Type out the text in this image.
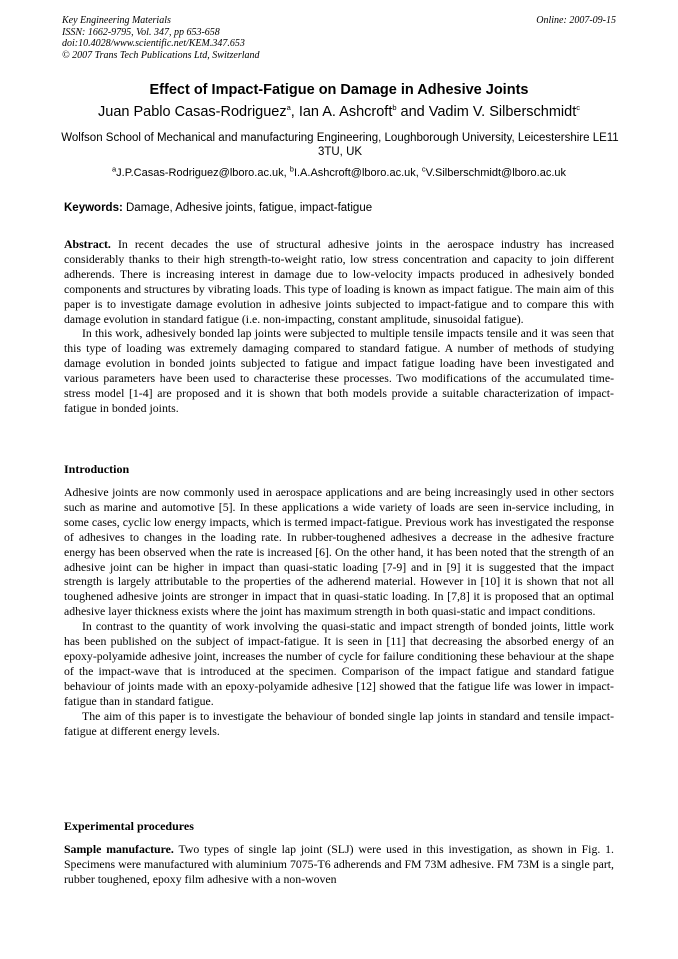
Key Engineering Materials
ISSN: 1662-9795, Vol. 347, pp 653-658
doi:10.4028/www.scientific.net/KEM.347.653
© 2007 Trans Tech Publications Ltd, Switzerland
Online: 2007-09-15
Effect of Impact-Fatigue on Damage in Adhesive Joints
Juan Pablo Casas-Rodriguez$^a$, Ian A. Ashcroft$^b$ and Vadim V. Silberschmidt$^c$
Wolfson School of Mechanical and manufacturing Engineering, Loughborough University, Leicestershire LE11 3TU, UK
$^a$J.P.Casas-Rodriguez@lboro.ac.uk, $^b$I.A.Ashcroft@lboro.ac.uk, $^c$V.Silberschmidt@lboro.ac.uk
Keywords: Damage, Adhesive joints, fatigue, impact-fatigue

Abstract. In recent decades the use of structural adhesive joints in the aerospace industry has increased considerably thanks to their high strength-to-weight ratio, low stress concentration and capacity to join different adherends. There is increasing interest in damage due to low-velocity impacts produced in adhesively bonded components and structures by vibrating loads. This type of loading is known as impact fatigue. The main aim of this paper is to investigate damage evolution in adhesive joints subjected to impact-fatigue and to compare this with damage evolution in standard fatigue (i.e. non-impacting, constant amplitude, sinusoidal fatigue).

In this work, adhesively bonded lap joints were subjected to multiple tensile impacts tensile and it was seen that this type of loading was extremely damaging compared to standard fatigue. A number of methods of studying damage evolution in bonded joints subjected to fatigue and impact fatigue loading have been investigated and various parameters have been used to characterise these processes. Two modifications of the accumulated time-stress model [1-4] are proposed and it is shown that both models provide a suitable characterization of impact-fatigue in bonded joints.

Introduction

Adhesive joints are now commonly used in aerospace applications and are being increasingly used in other sectors such as marine and automotive [5]. In these applications a wide variety of loads are seen in-service including, in some cases, cyclic low energy impacts, which is termed impact-fatigue. Previous work has investigated the response of adhesives to changes in the loading rate. In rubber-toughened adhesives a decrease in the adhesive fracture energy has been observed when the rate is increased [6]. On the other hand, it has been noted that the strength of an adhesive joint can be higher in impact than quasi-static loading [7-9] and in [9] it is suggested that the impact strength is largely attributable to the properties of the adherend material. However in [10] it is shown that not all toughened adhesive joints are stronger in impact that in quasi-static loading. In [7,8] it is proposed that an optimal adhesive layer thickness exists where the joint has maximum strength in both quasi-static and impact conditions.

In contrast to the quantity of work involving the quasi-static and impact strength of bonded joints, little work has been published on the subject of impact-fatigue. It is seen in [11] that decreasing the absorbed energy of an epoxy-polyamide adhesive joint, increases the number of cycle for failure conditioning these behaviour at the shape of the impact-wave that is introduced at the specimen. Comparison of the impact fatigue and standard fatigue behaviour of joints made with an epoxy-polyamide adhesive [12] showed that the fatigue life was lower in impact-fatigue than in standard fatigue.

The aim of this paper is to investigate the behaviour of bonded single lap joints in standard and tensile impact-fatigue at different energy levels.

Experimental procedures

Sample manufacture. Two types of single lap joint (SLJ) were used in this investigation, as shown in Fig. 1. Specimens were manufactured with aluminium 7075-T6 adherends and FM 73M adhesive. FM 73M is a single part, rubber toughened, epoxy film adhesive with a non-woven
